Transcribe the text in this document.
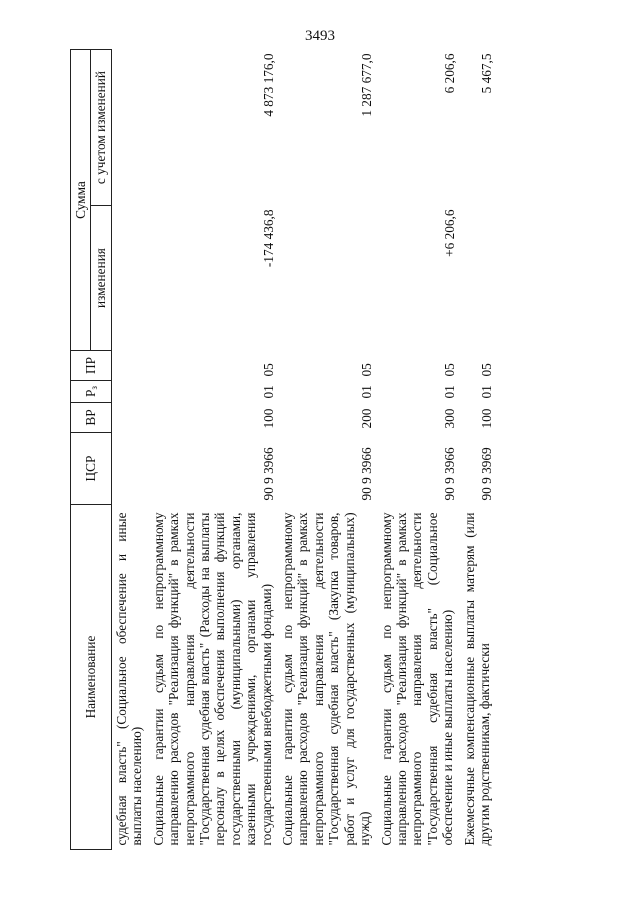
3493
Наименование	ЦСР	ВР	$Р_з$	ПР	Сумма	
					изменения	с учетом изменений
судебная власть" (Социальное обеспечение и иные выплаты населению)						
Социальные гарантии судьям по непрограммному направлению расходов "Реализация функций" в рамках непрограммного направления деятельности "Государственная судебная власть" (Расходы на выплаты персоналу в целях обеспечения выполнения функций государственными (муниципальными) органами, казенными учреждениями, органами управления государственными внебюджетными фондами)	90 9 3966	100	01	05	-174 436,8	4 873 176,0
Социальные гарантии судьям по непрограммному направлению расходов "Реализация функций" в рамках непрограммного направления деятельности "Государственная судебная власть" (Закупка товаров, работ и услуг для государственных (муниципальных) нужд)	90 9 3966	200	01	05		1 287 677,0
Социальные гарантии судьям по непрограммному направлению расходов "Реализация функций" в рамках непрограммного направления деятельности "Государственная судебная власть" (Социальное обеспечение и иные выплаты населению)	90 9 3966	300	01	05	+6 206,6	6 206,6
Ежемесячные компенсационные выплаты матерям (или другим родственникам, фактически	90 9 3969	100	01	05		5 467,5
